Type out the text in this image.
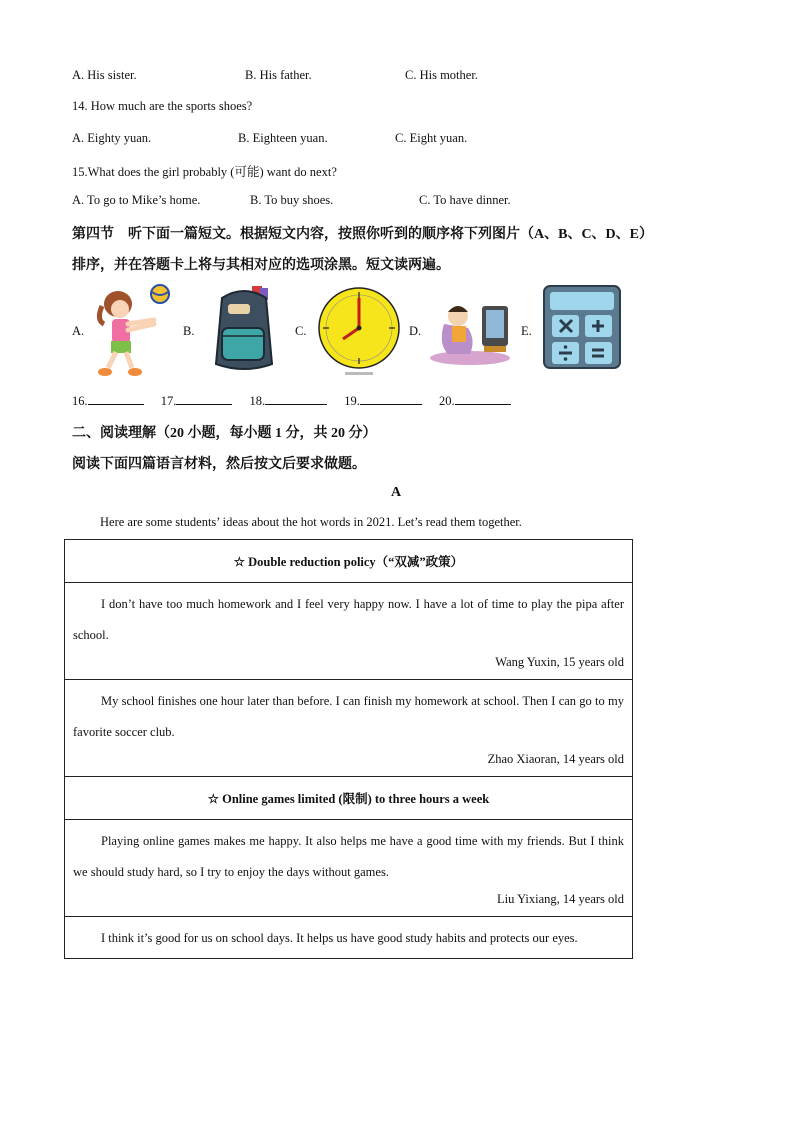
A. His sister.	B. His father.	C. His mother.
14. How much are the sports shoes?
A. Eighty yuan.	B. Eighteen yuan.	C. Eight yuan.
15.What does the girl probably (可能) want do next?
A. To go to Mike’s home.	B. To buy shoes.	C. To have dinner.
第四节　听下面一篇短文。根据短文内容，按照你听到的顺序将下列图片（A、B、C、D、E）
排序，并在答题卡上将与其相对应的选项涂黑。短文读两遍。
A.	B.	C.	D.	E.
16.	17.	18.	19.	20.
二、阅读理解（20 小题，每小题 1 分，共 20 分）
阅读下面四篇语言材料，然后按文后要求做题。
A
Here are some students’ ideas about the hot words in 2021. Let’s read them together.
☆ Double reduction policy（“双减”政策）

I don’t have too much homework and I feel very happy now. I have a lot of time to play the pipa after school.
Wang Yuxin, 15 years old

My school finishes one hour later than before. I can finish my homework at school. Then I can go to my favorite soccer club.
Zhao Xiaoran, 14 years old

☆ Online games limited (限制) to three hours a week

Playing online games makes me happy. It also helps me have a good time with my friends. But I think we should study hard, so I try to enjoy the days without games.
Liu Yixiang, 14 years old

I think it’s good for us on school days. It helps us have good study habits and protects our eyes.
